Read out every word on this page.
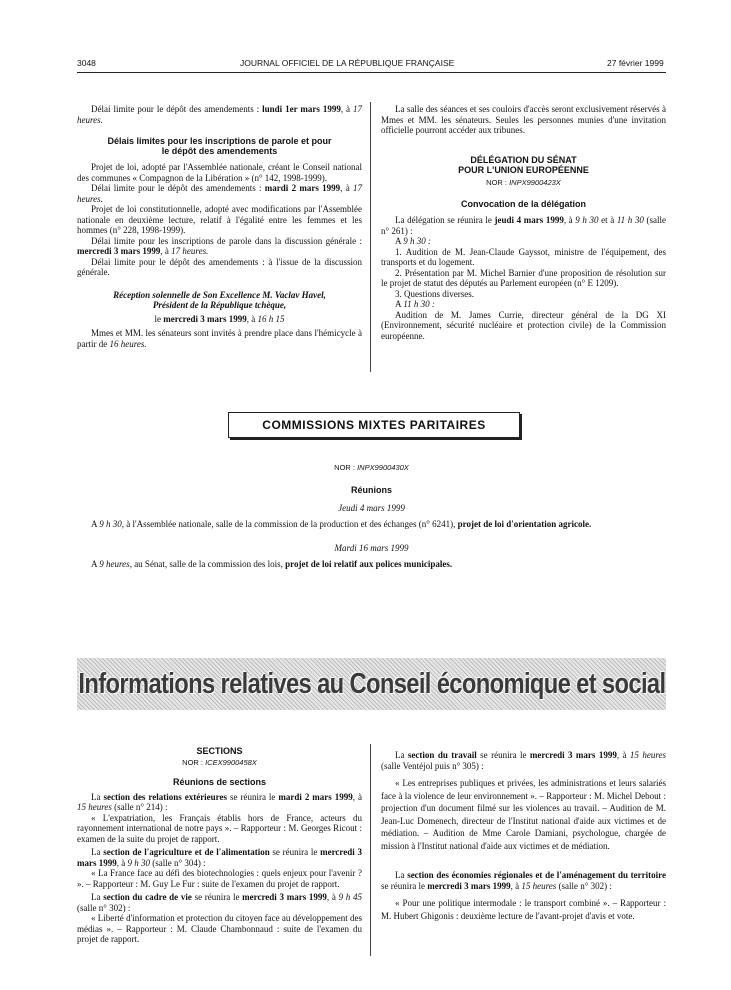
3048	JOURNAL OFFICIEL DE LA RÉPUBLIQUE FRANÇAISE	27 février 1999

Délai limite pour le dépôt des amendements : lundi 1er mars 1999, à 17 heures.

Délais limites pour les inscriptions de parole et pour le dépôt des amendements

Projet de loi, adopté par l'Assemblée nationale, créant le Conseil national des communes « Compagnon de la Libération » (n° 142, 1998-1999).

Délai limite pour le dépôt des amendements : mardi 2 mars 1999, à 17 heures.

Projet de loi constitutionnelle, adopté avec modifications par l'Assemblée nationale en deuxième lecture, relatif à l'égalité entre les femmes et les hommes (n° 228, 1998-1999).

Délai limite pour les inscriptions de parole dans la discussion générale : mercredi 3 mars 1999, à 17 heures.

Délai limite pour le dépôt des amendements : à l'issue de la discussion générale.

Réception solennelle de Son Excellence M. Vaclav Havel,
Président de la République tchèque,
le mercredi 3 mars 1999, à 16 h 15

Mmes et MM. les sénateurs sont invités à prendre place dans l'hémicycle à partir de 16 heures.

La salle des séances et ses couloirs d'accès seront exclusivement réservés à Mmes et MM. les sénateurs. Seules les personnes munies d'une invitation officielle pourront accéder aux tribunes.

DÉLÉGATION DU SÉNAT
POUR L'UNION EUROPÉENNE
NOR : INPX9900423X
Convocation de la délégation

La délégation se réunira le jeudi 4 mars 1999, à 9 h 30 et à 11 h 30 (salle n° 261) :

A 9 h 30 :

1. Audition de M. Jean-Claude Gayssot, ministre de l'équipement, des transports et du logement.

2. Présentation par M. Michel Barnier d'une proposition de résolution sur le projet de statut des députés au Parlement européen (n° E 1209).

3. Questions diverses.

A 11 h 30 :

Audition de M. James Currie, directeur général de la DG XI (Environnement, sécurité nucléaire et protection civile) de la Commission européenne.

COMMISSIONS MIXTES PARITAIRES
NOR : INPX9900430X
Réunions
Jeudi 4 mars 1999

A 9 h 30, à l'Assemblée nationale, salle de la commission de la production et des échanges (n° 6241), projet de loi d'orientation agricole.

Mardi 16 mars 1999

A 9 heures, au Sénat, salle de la commission des lois, projet de loi relatif aux polices municipales.

Informations relatives au Conseil économique et social
SECTIONS
NOR : ICEX9900458X
Réunions de sections

La section des relations extérieures se réunira le mardi 2 mars 1999, à 15 heures (salle n° 214) :

« L'expatriation, les Français établis hors de France, acteurs du rayonnement international de notre pays ». – Rapporteur : M. Georges Ricout : examen de la suite du projet de rapport.

La section de l'agriculture et de l'alimentation se réunira le mercredi 3 mars 1999, à 9 h 30 (salle n° 304) :

« La France face au défi des biotechnologies : quels enjeux pour l'avenir ? ». – Rapporteur : M. Guy Le Fur : suite de l'examen du projet de rapport.

La section du cadre de vie se réunira le mercredi 3 mars 1999, à 9 h 45 (salle n° 302) :

« Liberté d'information et protection du citoyen face au développement des médias ». – Rapporteur : M. Claude Chambonnaud : suite de l'examen du projet de rapport.

La section du travail se réunira le mercredi 3 mars 1999, à 15 heures (salle Ventéjol puis n° 305) :

« Les entreprises publiques et privées, les administrations et leurs salariés face à la violence de leur environnement ». – Rapporteur : M. Michel Debout : projection d'un document filmé sur les violences au travail. – Audition de M. Jean-Luc Domenech, directeur de l'Institut national d'aide aux victimes et de médiation. – Audition de Mme Carole Damiani, psychologue, chargée de mission à l'Institut national d'aide aux victimes et de médiation.

La section des économies régionales et de l'aménagement du territoire se réunira le mercredi 3 mars 1999, à 15 heures (salle n° 302) :

« Pour une politique intermodale : le transport combiné ». – Rapporteur : M. Hubert Ghigonis : deuxième lecture de l'avant-projet d'avis et vote.
